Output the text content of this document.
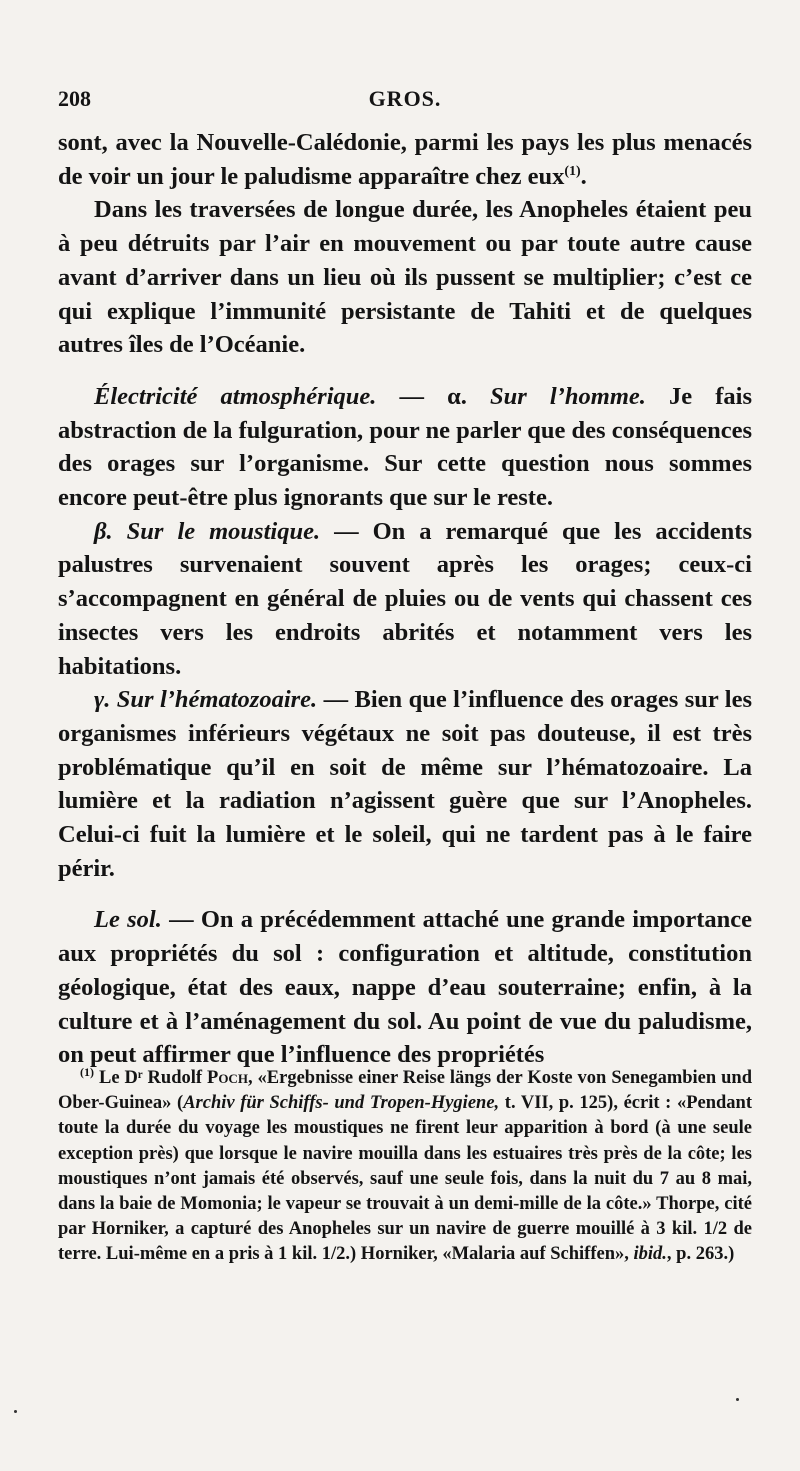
208	GROS.

sont, avec la Nouvelle-Calédonie, parmi les pays les plus menacés de voir un jour le paludisme apparaître chez eux$^{(1)}$.

Dans les traversées de longue durée, les Anopheles étaient peu à peu détruits par l’air en mouvement ou par toute autre cause avant d’arriver dans un lieu où ils pussent se multiplier; c’est ce qui explique l’immunité persistante de Tahiti et de quelques autres îles de l’Océanie.

Électricité atmosphérique. — α. Sur l’homme. Je fais abstraction de la fulguration, pour ne parler que des conséquences des orages sur l’organisme. Sur cette question nous sommes encore peut-être plus ignorants que sur le reste.

β. Sur le moustique. — On a remarqué que les accidents palustres survenaient souvent après les orages; ceux-ci s’accompagnent en général de pluies ou de vents qui chassent ces insectes vers les endroits abrités et notamment vers les habitations.

γ. Sur l’hématozoaire. — Bien que l’influence des orages sur les organismes inférieurs végétaux ne soit pas douteuse, il est très problématique qu’il en soit de même sur l’hématozoaire. La lumière et la radiation n’agissent guère que sur l’Anopheles. Celui-ci fuit la lumière et le soleil, qui ne tardent pas à le faire périr.

Le sol. — On a précédemment attaché une grande importance aux propriétés du sol : configuration et altitude, constitution géologique, état des eaux, nappe d’eau souterraine; enfin, à la culture et à l’aménagement du sol. Au point de vue du paludisme, on peut affirmer que l’influence des propriétés

$^{(1)}$ Le Dʳ Rudolf Poch, «Ergebnisse einer Reise längs der Koste von Senegambien und Ober-Guinea» (Archiv für Schiffs- und Tropen-Hygiene, t. VII, p. 125), écrit : «Pendant toute la durée du voyage les moustiques ne firent leur apparition à bord (à une seule exception près) que lorsque le navire mouilla dans les estuaires très près de la côte; les moustiques n’ont jamais été observés, sauf une seule fois, dans la nuit du 7 au 8 mai, dans la baie de Momonia; le vapeur se trouvait à un demi-mille de la côte.» Thorpe, cité par Horniker, a capturé des Anopheles sur un navire de guerre mouillé à 3 kil. 1/2 de terre. Lui-même en a pris à 1 kil. 1/2.) Horniker, «Malaria auf Schiffen», ibid., p. 263.)
